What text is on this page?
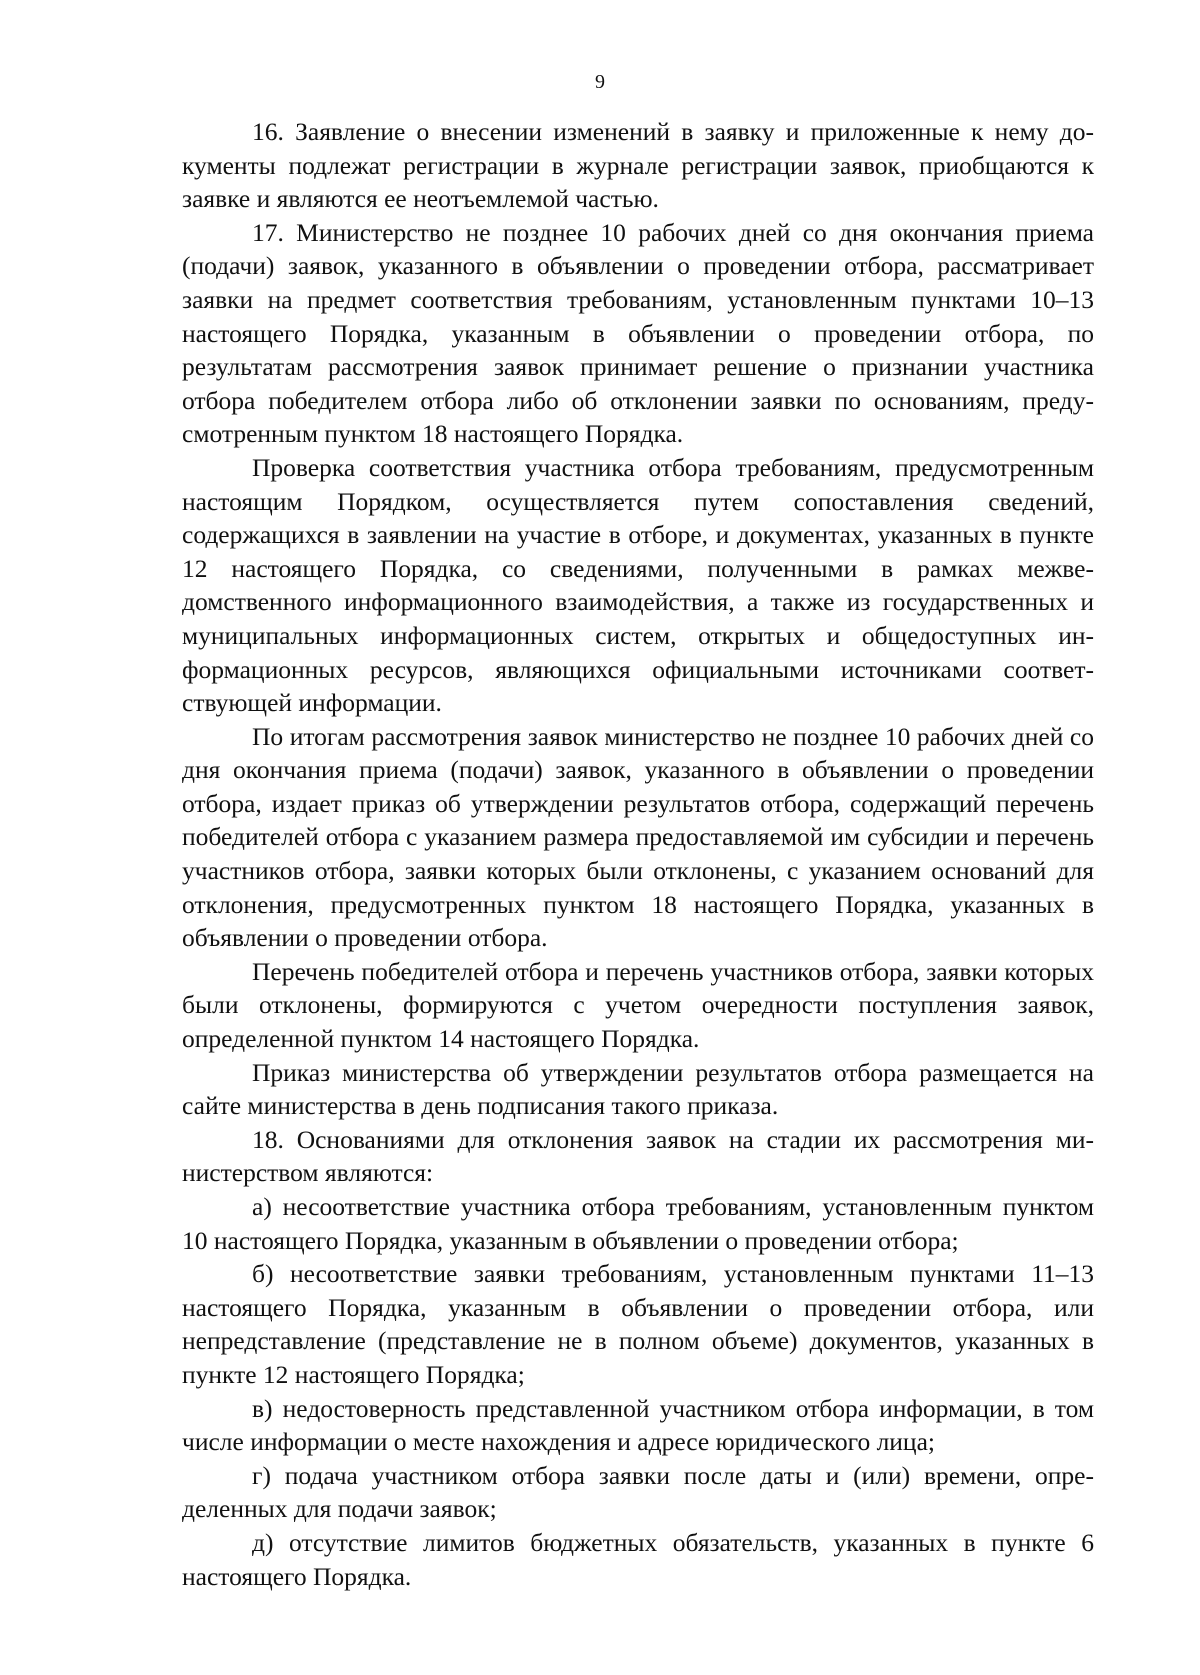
9

16. Заявление о внесении изменений в заявку и приложенные к нему документы подлежат регистрации в журнале регистрации заявок, приобщаются к заявке и являются ее неотъемлемой частью.

17. Министерство не позднее 10 рабочих дней со дня окончания приема (подачи) заявок, указанного в объявлении о проведении отбора, рассматривает заявки на предмет соответствия требованиям, установленным пунктами 10–13 настоящего Порядка, указанным в объявлении о проведении отбора, по результатам рассмотрения заявок принимает решение о признании участника отбора победителем отбора либо об отклонении заявки по основаниям, предусмотренным пунктом 18 настоящего Порядка.

Проверка соответствия участника отбора требованиям, предусмотренным настоящим Порядком, осуществляется путем сопоставления сведений, содержащихся в заявлении на участие в отборе, и документах, указанных в пункте 12 настоящего Порядка, со сведениями, полученными в рамках межведомственного информационного взаимодействия, а также из государственных и муниципальных информационных систем, открытых и общедоступных информационных ресурсов, являющихся официальными источниками соответствующей информации.

По итогам рассмотрения заявок министерство не позднее 10 рабочих дней со дня окончания приема (подачи) заявок, указанного в объявлении о проведении отбора, издает приказ об утверждении результатов отбора, содержащий перечень победителей отбора с указанием размера предоставляемой им субсидии и перечень участников отбора, заявки которых были отклонены, с указанием оснований для отклонения, предусмотренных пунктом 18 настоящего Порядка, указанных в объявлении о проведении отбора.

Перечень победителей отбора и перечень участников отбора, заявки которых были отклонены, формируются с учетом очередности поступления заявок, определенной пунктом 14 настоящего Порядка.

Приказ министерства об утверждении результатов отбора размещается на сайте министерства в день подписания такого приказа.

18. Основаниями для отклонения заявок на стадии их рассмотрения министерством являются:

а) несоответствие участника отбора требованиям, установленным пунктом 10 настоящего Порядка, указанным в объявлении о проведении отбора;

б) несоответствие заявки требованиям, установленным пунктами 11–13 настоящего Порядка, указанным в объявлении о проведении отбора, или непредставление (представление не в полном объеме) документов, указанных в пункте 12 настоящего Порядка;

в) недостоверность представленной участником отбора информации, в том числе информации о месте нахождения и адресе юридического лица;

г) подача участником отбора заявки после даты и (или) времени, определенных для подачи заявок;

д) отсутствие лимитов бюджетных обязательств, указанных в пункте 6 настоящего Порядка.
